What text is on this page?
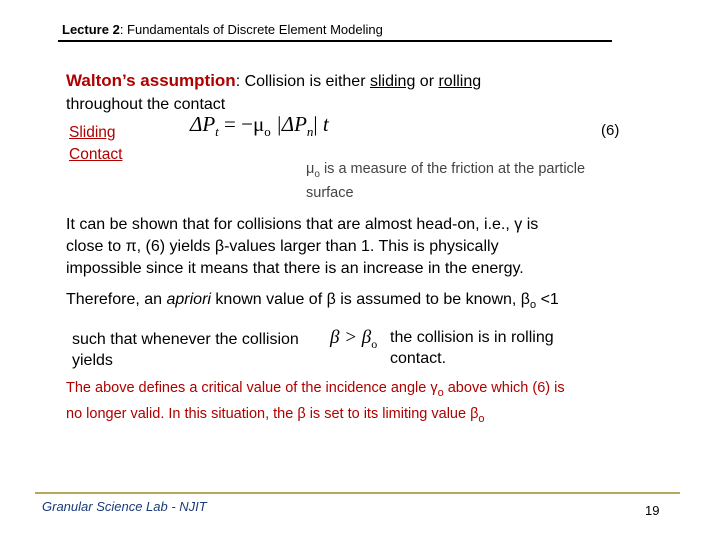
Lecture 2: Fundamentals of Discrete Element Modeling
Walton’s assumption: Collision is either sliding or rolling
throughout the contact
Sliding
Contact
$\Delta P_t = -\mu_o$ $|\Delta P_n|$ t	(6)
$\mu_o$ is a measure of the friction at the particle
surface
It can be shown that for collisions that are almost head-on, i.e., γ is
close to π, (6) yields β-values larger than 1. This is physically
impossible since it means that there is an increase in the energy.
Therefore, an apriori known value of β is assumed to be known, $\beta_o <1$
such that whenever the collision
yields
$\beta > \beta_o$ the collision is in rolling
contact.
The above defines a critical value of the incidence angle $\gamma_o$ above which (6) is
no longer valid. In this situation, the β is set to its limiting value $\beta_o$
Granular Science Lab - NJIT	19
